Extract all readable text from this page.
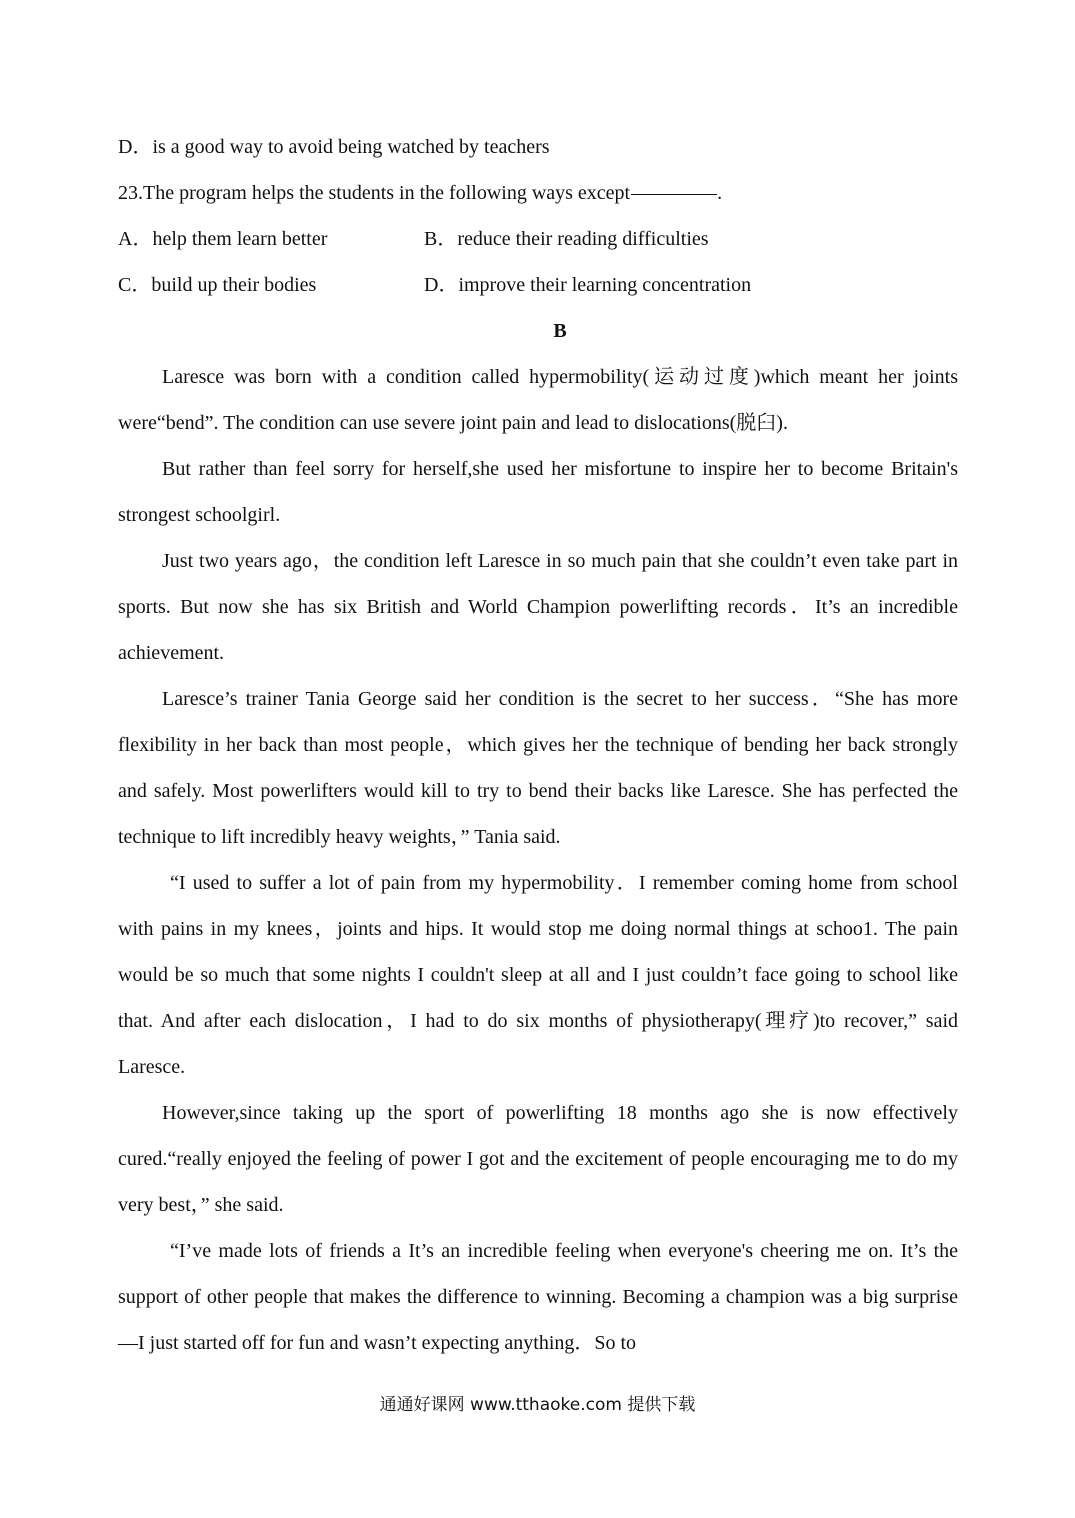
D．is a good way to avoid being watched by teachers
23.The program helps the students in the following ways except	.
A．help them learn better	B．reduce their reading difficulties
C．build up their bodies	D．improve their learning concentration
B

Laresce was born with a condition called hypermobility(运动过度)which meant her joints were“bend”. The condition can use severe joint pain and lead to dislocations(脱臼).

But rather than feel sorry for herself,she used her misfortune to inspire her to become Britain's strongest schoolgirl.

Just two years ago，the condition left Laresce in so much pain that she couldn’t even take part in sports. But now she has six British and World Champion powerlifting records．It’s an incredible achievement.

Laresce’s trainer Tania George said her condition is the secret to her success．“She has more flexibility in her back than most people，which gives her the technique of bending her back strongly and safely. Most powerlifters would kill to try to bend their backs like Laresce. She has perfected the technique to lift incredibly heavy weights，” Tania said.

“I used to suffer a lot of pain from my hypermobility．I remember coming home from school with pains in my knees，joints and hips. It would stop me doing normal things at schoo1. The pain would be so much that some nights I couldn't sleep at all and I just couldn’t face going to school like that. And after each dislocation，I had to do six months of physiotherapy(理疗)to recover,” said Laresce.

However,since taking up the sport of powerlifting 18 months ago she is now effectively cured.“really enjoyed the feeling of power I got and the excitement of people encouraging me to do my very best，” she said.

“I’ve made lots of friends a It’s an incredible feeling when everyone's cheering me on. It’s the support of other people that makes the difference to winning. Becoming a champion was a big surprise—I just started off for fun and wasn’t expecting anything．So to

通通好课网 www.tthaoke.com 提供下载
